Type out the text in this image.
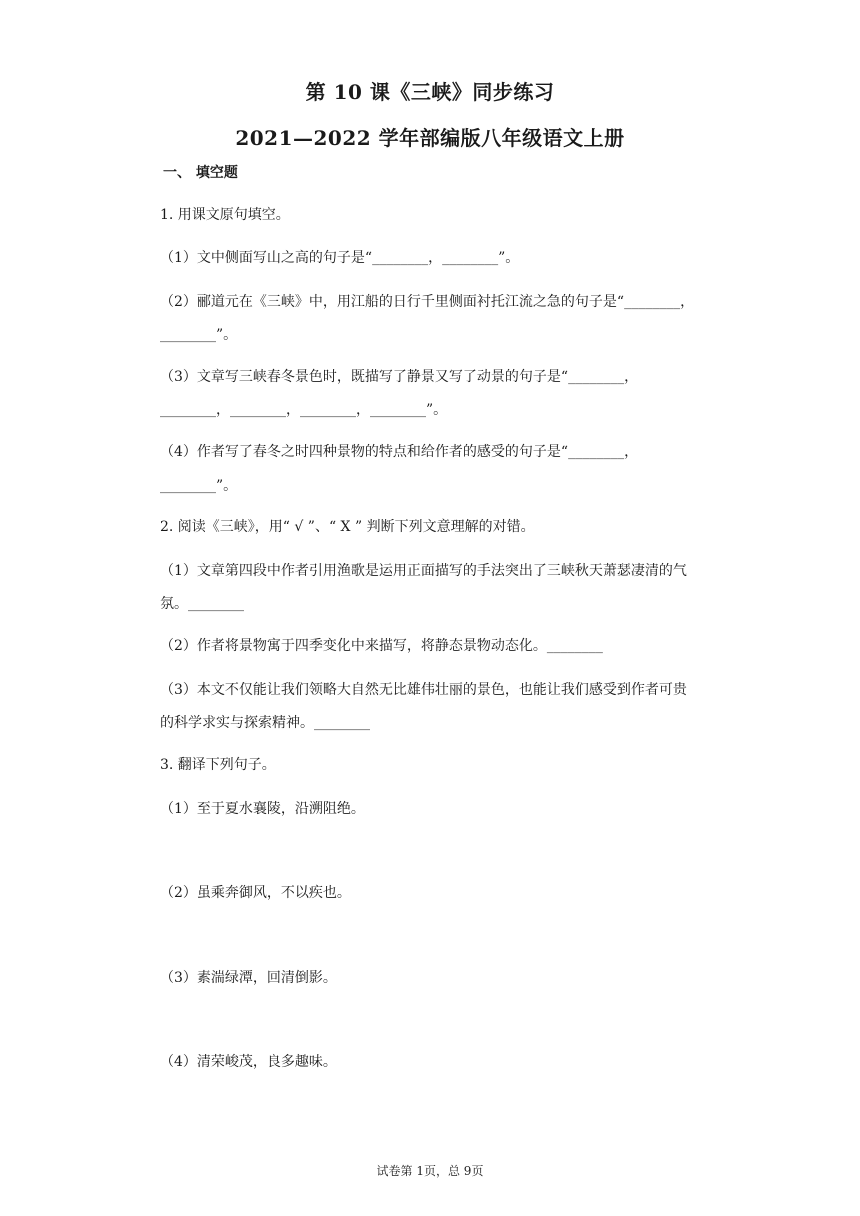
第 10 课《三峡》同步练习
2021—2022 学年部编版八年级语文上册
一、 填空题
1. 用课文原句填空。
（1）文中侧面写山之高的句子是“________，________”。
（2）郦道元在《三峡》中，用江船的日行千里侧面衬托江流之急的句子是“________，
________”。
（3）文章写三峡春冬景色时，既描写了静景又写了动景的句子是“________，
________，________，________，________”。
（4）作者写了春冬之时四种景物的特点和给作者的感受的句子是“________，
________”。
2. 阅读《三峡》，用“ √ ”、“ X ” 判断下列文意理解的对错。
（1）文章第四段中作者引用渔歌是运用正面描写的手法突出了三峡秋天萧瑟凄清的气
氛。________
（2）作者将景物寓于四季变化中来描写，将静态景物动态化。________
（3）本文不仅能让我们领略大自然无比雄伟壮丽的景色，也能让我们感受到作者可贵
的科学求实与探索精神。________
3. 翻译下列句子。
（1）至于夏水襄陵，沿溯阻绝。
（2）虽乘奔御风，不以疾也。
（3）素湍绿潭，回清倒影。
（4）清荣峻茂，良多趣味。
试卷第 1页，总 9页
